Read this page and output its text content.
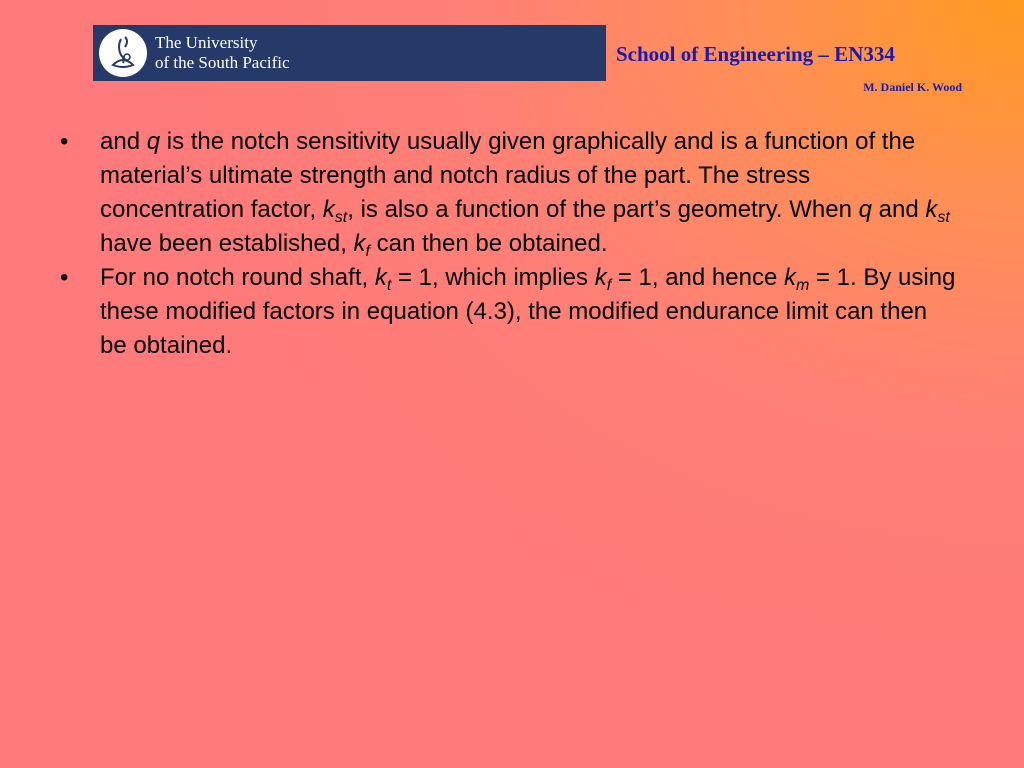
The University
of the South Pacific	School of Engineering – EN334
M. Daniel K. Wood
•	and q is the notch sensitivity usually given graphically and is a function of the material’s ultimate strength and notch radius of the part. The stress concentration factor, $k_{st}$, is also a function of the part’s geometry. When q and $k_{st}$ have been established, $k_f$ can then be obtained.
•	For no notch round shaft, $k_t = 1$, which implies $k_f = 1$, and hence $k_m = 1$. By using these modified factors in equation (4.3), the modified endurance limit can then be obtained.
